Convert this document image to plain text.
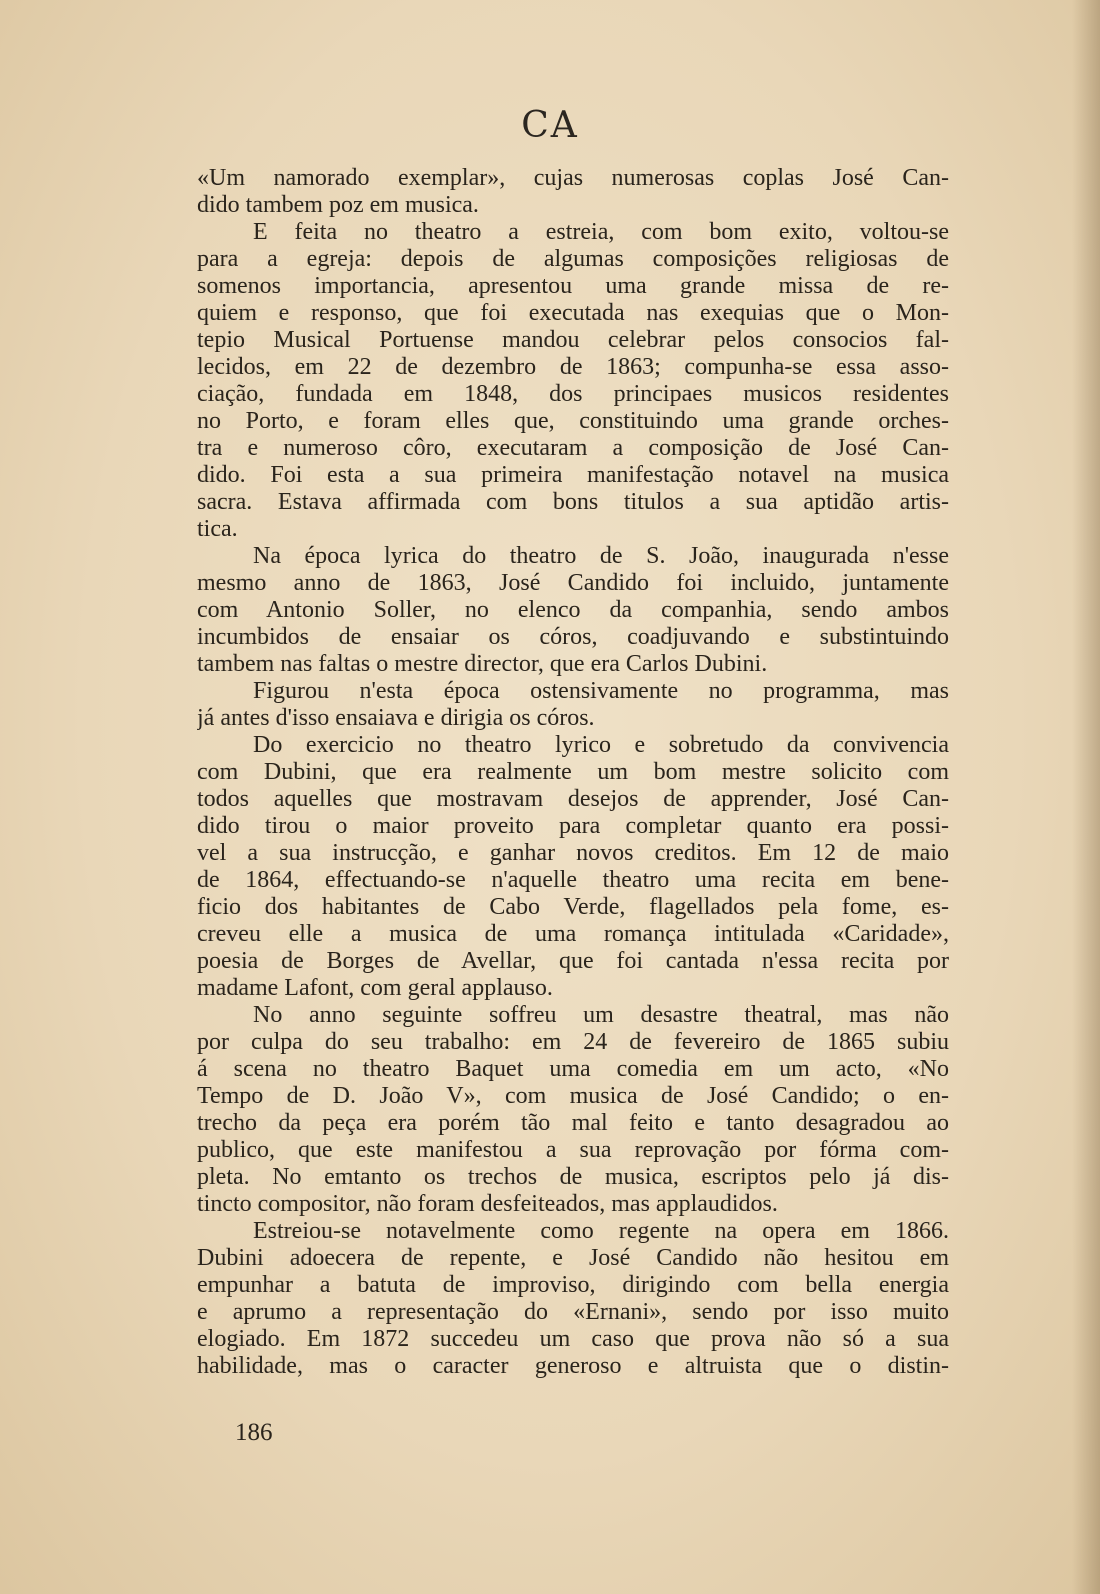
CA
«Um namorado exemplar», cujas numerosas coplas José Can-
dido tambem poz em musica.
E feita no theatro a estreia, com bom exito, voltou-se
para a egreja: depois de algumas composições religiosas de
somenos importancia, apresentou uma grande missa de re-
quiem e responso, que foi executada nas exequias que o Mon-
tepio Musical Portuense mandou celebrar pelos consocios fal-
lecidos, em 22 de dezembro de 1863; compunha-se essa asso-
ciação, fundada em 1848, dos principaes musicos residentes
no Porto, e foram elles que, constituindo uma grande orches-
tra e numeroso côro, executaram a composição de José Can-
dido. Foi esta a sua primeira manifestação notavel na musica
sacra. Estava affirmada com bons titulos a sua aptidão artis-
tica.
Na época lyrica do theatro de S. João, inaugurada n'esse
mesmo anno de 1863, José Candido foi incluido, juntamente
com Antonio Soller, no elenco da companhia, sendo ambos
incumbidos de ensaiar os córos, coadjuvando e substintuindo
tambem nas faltas o mestre director, que era Carlos Dubini.
Figurou n'esta época ostensivamente no programma, mas
já antes d'isso ensaiava e dirigia os córos.
Do exercicio no theatro lyrico e sobretudo da convivencia
com Dubini, que era realmente um bom mestre solicito com
todos aquelles que mostravam desejos de apprender, José Can-
dido tirou o maior proveito para completar quanto era possi-
vel a sua instrucção, e ganhar novos creditos. Em 12 de maio
de 1864, effectuando-se n'aquelle theatro uma recita em bene-
ficio dos habitantes de Cabo Verde, flagellados pela fome, es-
creveu elle a musica de uma romança intitulada «Caridade»,
poesia de Borges de Avellar, que foi cantada n'essa recita por
madame Lafont, com geral applauso.
No anno seguinte soffreu um desastre theatral, mas não
por culpa do seu trabalho: em 24 de fevereiro de 1865 subiu
á scena no theatro Baquet uma comedia em um acto, «No
Tempo de D. João V», com musica de José Candido; o en-
trecho da peça era porém tão mal feito e tanto desagradou ao
publico, que este manifestou a sua reprovação por fórma com-
pleta. No emtanto os trechos de musica, escriptos pelo já dis-
tincto compositor, não foram desfeiteados, mas applaudidos.
Estreiou-se notavelmente como regente na opera em 1866.
Dubini adoecera de repente, e José Candido não hesitou em
empunhar a batuta de improviso, dirigindo com bella energia
e aprumo a representação do «Ernani», sendo por isso muito
elogiado. Em 1872 succedeu um caso que prova não só a sua
habilidade, mas o caracter generoso e altruista que o distin-
186
